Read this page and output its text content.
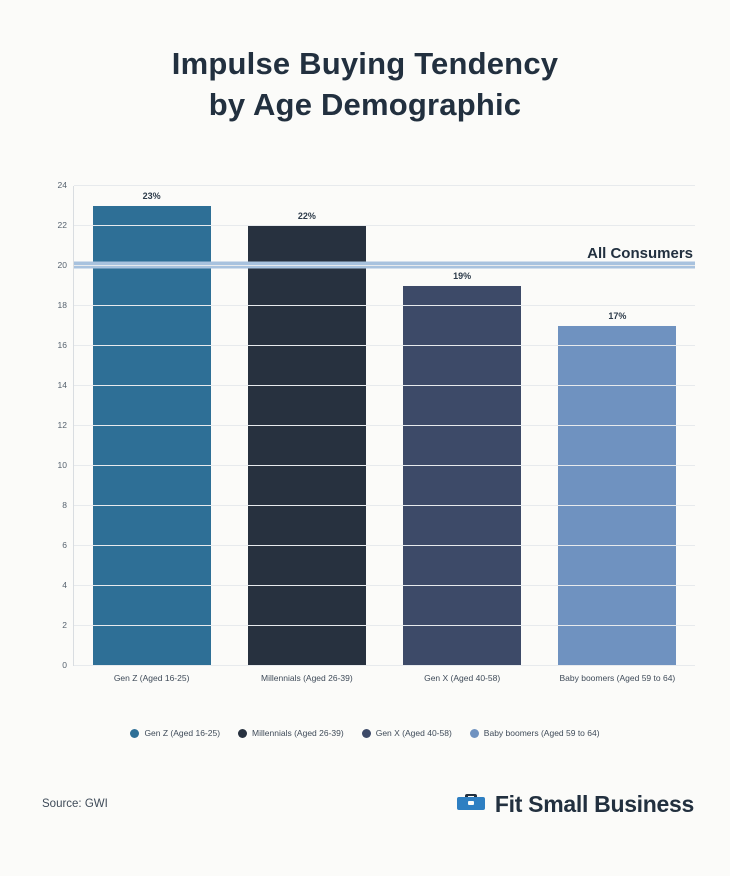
Impulse Buying Tendency
by Age Demographic
23%
Gen Z (Aged 16-25)
22%
Millennials (Aged 26-39)
19%
Gen X (Aged 40-58)
17%
Baby boomers (Aged 59 to 64)
All Consumers
0
2
4
6
8
10
12
14
16
18
20
22
24
Gen Z (Aged 16-25)	Millennials (Aged 26-39)	Gen X (Aged 40-58)	Baby boomers (Aged 59 to 64)
Source: GWI	Fit Small Business
